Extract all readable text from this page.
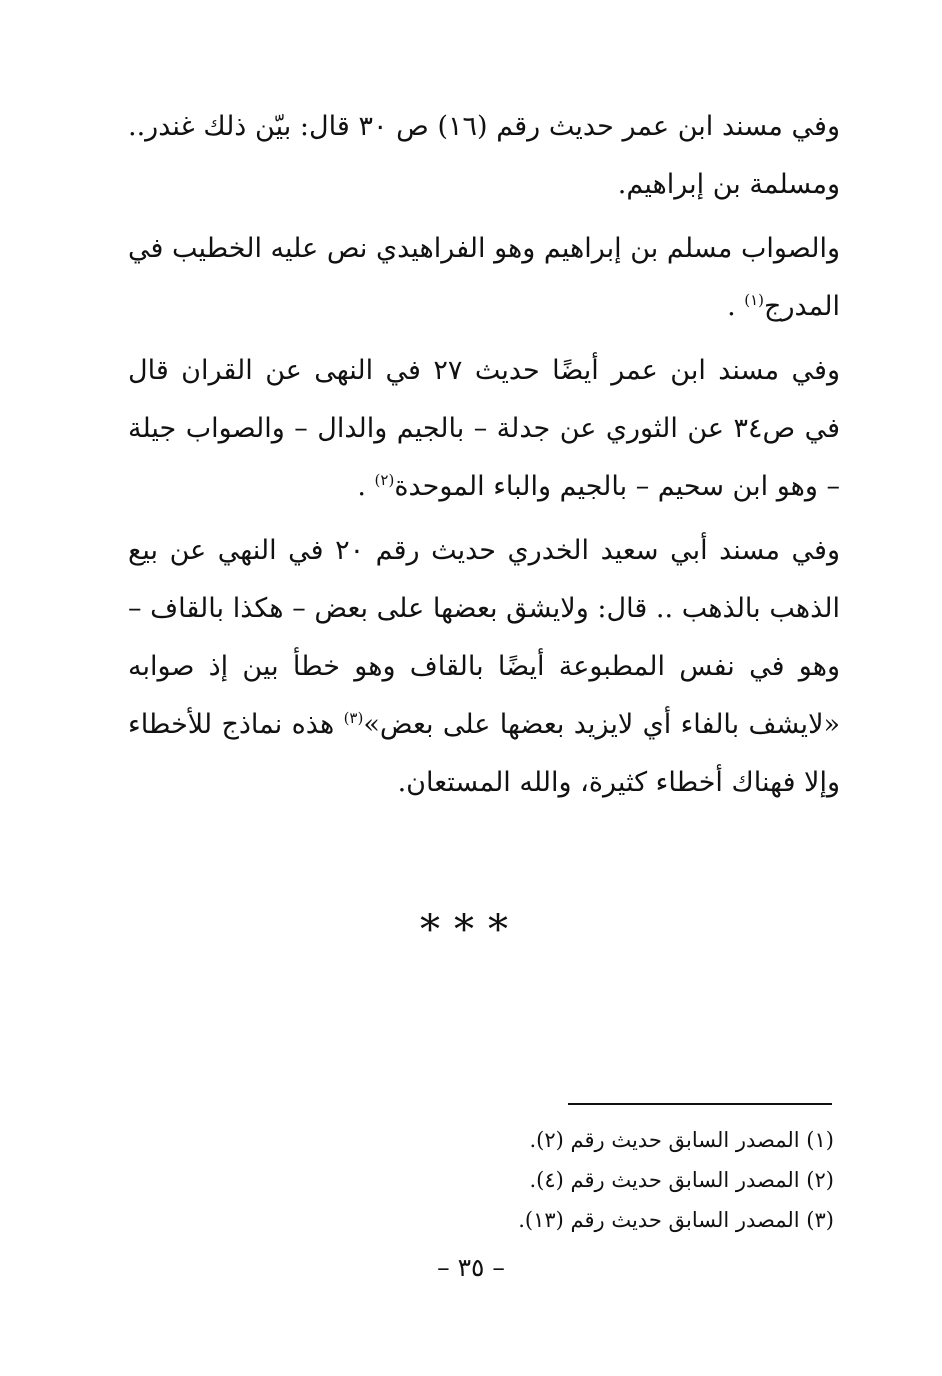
وفي مسند ابن عمر حديث رقم (١٦) ص ٣٠ قال: بيّن ذلك غندر.. ومسلمة بن إبراهيم.

والصواب مسلم بن إبراهيم وهو الفراهيدي نص عليه الخطيب في المدرج$^{(١)}$ .

وفي مسند ابن عمر أيضًا حديث ٢٧ في النهى عن القران قال في ص٣٤ عن الثوري عن جدلة – بالجيم والدال – والصواب جيلة – وهو ابن سحيم – بالجيم والباء الموحدة$^{(٢)}$ .

وفي مسند أبي سعيد الخدري حديث رقم ٢٠ في النهي عن بيع الذهب بالذهب .. قال: ولايشق بعضها على بعض – هكذا بالقاف – وهو في نفس المطبوعة أيضًا بالقاف وهو خطأ بين إذ صوابه «لايشف بالفاء أي لايزيد بعضها على بعض»$^{(٣)}$ هذه نماذج للأخطاء وإلا فهناك أخطاء كثيرة، والله المستعان.

***
(١) المصدر السابق حديث رقم (٢).
(٢) المصدر السابق حديث رقم (٤).
(٣) المصدر السابق حديث رقم (١٣).
– ٣٥ –
